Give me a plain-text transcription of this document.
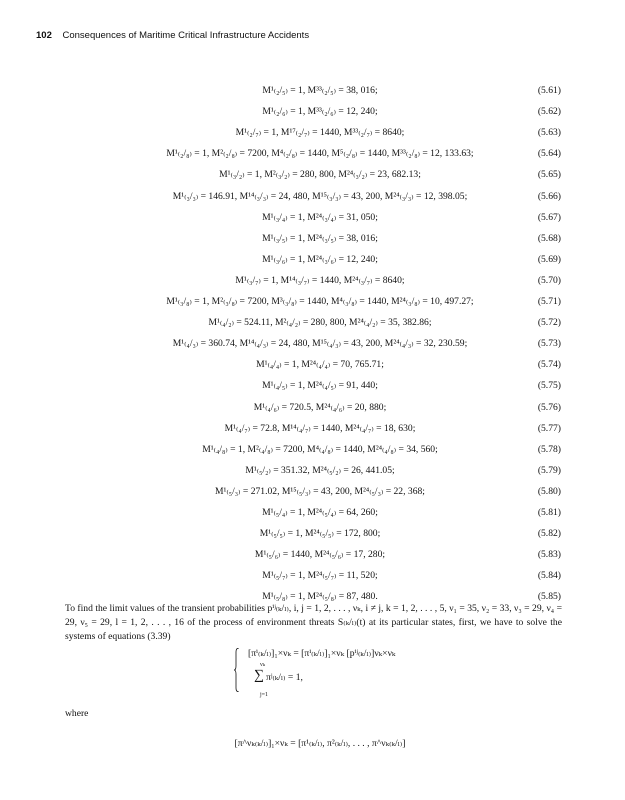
102 Consequences of Maritime Critical Infrastructure Accidents
M¹₍₂/₅₎ = 1, M³³₍₂/₅₎ = 38, 016;	(5.61)
M¹₍₂/₆₎ = 1, M³³₍₂/₆₎ = 12, 240;	(5.62)
M¹₍₂/₇₎ = 1, M¹⁷₍₂/₇₎ = 1440, M³³₍₂/₇₎ = 8640;	(5.63)
M¹₍₂/₈₎ = 1, M²₍₂/₈₎ = 7200, M⁴₍₂/₈₎ = 1440, M⁵₍₂/₈₎ = 1440, M³³₍₂/₈₎ = 12, 133.63;	(5.64)
M¹₍₃/₂₎ = 1, M²₍₃/₂₎ = 280, 800, M²⁴₍₃/₂₎ = 23, 682.13;	(5.65)
M¹₍₃/₃₎ = 146.91, M¹⁴₍₃/₃₎ = 24, 480, M¹⁵₍₃/₃₎ = 43, 200, M²⁴₍₃/₃₎ = 12, 398.05;	(5.66)
M¹₍₃/₄₎ = 1, M²⁴₍₃/₄₎ = 31, 050;	(5.67)
M¹₍₃/₅₎ = 1, M²⁴₍₃/₅₎ = 38, 016;	(5.68)
M¹₍₃/₆₎ = 1, M²⁴₍₃/₆₎ = 12, 240;	(5.69)
M¹₍₃/₇₎ = 1, M¹⁴₍₃/₇₎ = 1440, M²⁴₍₃/₇₎ = 8640;	(5.70)
M¹₍₃/₈₎ = 1, M²₍₃/₈₎ = 7200, M³₍₃/₈₎ = 1440, M⁴₍₃/₈₎ = 1440, M²⁴₍₃/₈₎ = 10, 497.27;	(5.71)
M¹₍₄/₂₎ = 524.11, M²₍₄/₂₎ = 280, 800, M²⁴₍₄/₂₎ = 35, 382.86;	(5.72)
M¹₍₄/₃₎ = 360.74, M¹⁴₍₄/₃₎ = 24, 480, M¹⁵₍₄/₃₎ = 43, 200, M²⁴₍₄/₃₎ = 32, 230.59;	(5.73)
M¹₍₄/₄₎ = 1, M²⁴₍₄/₄₎ = 70, 765.71;	(5.74)
M¹₍₄/₅₎ = 1, M²⁴₍₄/₅₎ = 91, 440;	(5.75)
M¹₍₄/₆₎ = 720.5, M²⁴₍₄/₆₎ = 20, 880;	(5.76)
M¹₍₄/₇₎ = 72.8, M¹⁴₍₄/₇₎ = 1440, M²⁴₍₄/₇₎ = 18, 630;	(5.77)
M¹₍₄/₈₎ = 1, M²₍₄/₈₎ = 7200, M⁴₍₄/₈₎ = 1440, M²⁴₍₄/₈₎ = 34, 560;	(5.78)
M¹₍₅/₂₎ = 351.32, M²⁴₍₅/₂₎ = 26, 441.05;	(5.79)
M¹₍₅/₃₎ = 271.02, M¹⁵₍₅/₃₎ = 43, 200, M²⁴₍₅/₃₎ = 22, 368;	(5.80)
M¹₍₅/₄₎ = 1, M²⁴₍₅/₄₎ = 64, 260;	(5.81)
M¹₍₅/₅₎ = 1, M²⁴₍₅/₅₎ = 172, 800;	(5.82)
M¹₍₅/₆₎ = 1440, M²⁴₍₅/₆₎ = 17, 280;	(5.83)
M¹₍₅/₇₎ = 1, M²⁴₍₅/₇₎ = 11, 520;	(5.84)
M¹₍₅/₈₎ = 1, M²⁴₍₅/₈₎ = 87, 480.	(5.85)
To find the limit values of the transient probabilities pⁱʲ₍ₖ/ₗ₎, i, j = 1, 2, . . . , νₖ, i ≠ j, k = 1, 2, . . . , 5, ν₁ = 35, ν₂ = 33, ν₃ = 29, ν₄ = 29, ν₅ = 29, l = 1, 2, . . . , 16 of the process of environment threats S₍ₖ/ₗ₎(t) at its particular states, first, we have to solve the systems of equations (3.39)
[πⁱ₍ₖ/ₗ₎]₁×νₖ = [πⁱ₍ₖ/ₗ₎]₁×νₖ [pⁱʲ₍ₖ/ₗ₎]νₖ×νₖ
νₖ
∑
j=1
πʲ₍ₖ/ₗ₎ = 1,
where
[π^νₖ₍ₖ/ₗ₎]₁×νₖ = [π¹₍ₖ/ₗ₎, π²₍ₖ/ₗ₎, . . . , π^νₖ₍ₖ/ₗ₎]
